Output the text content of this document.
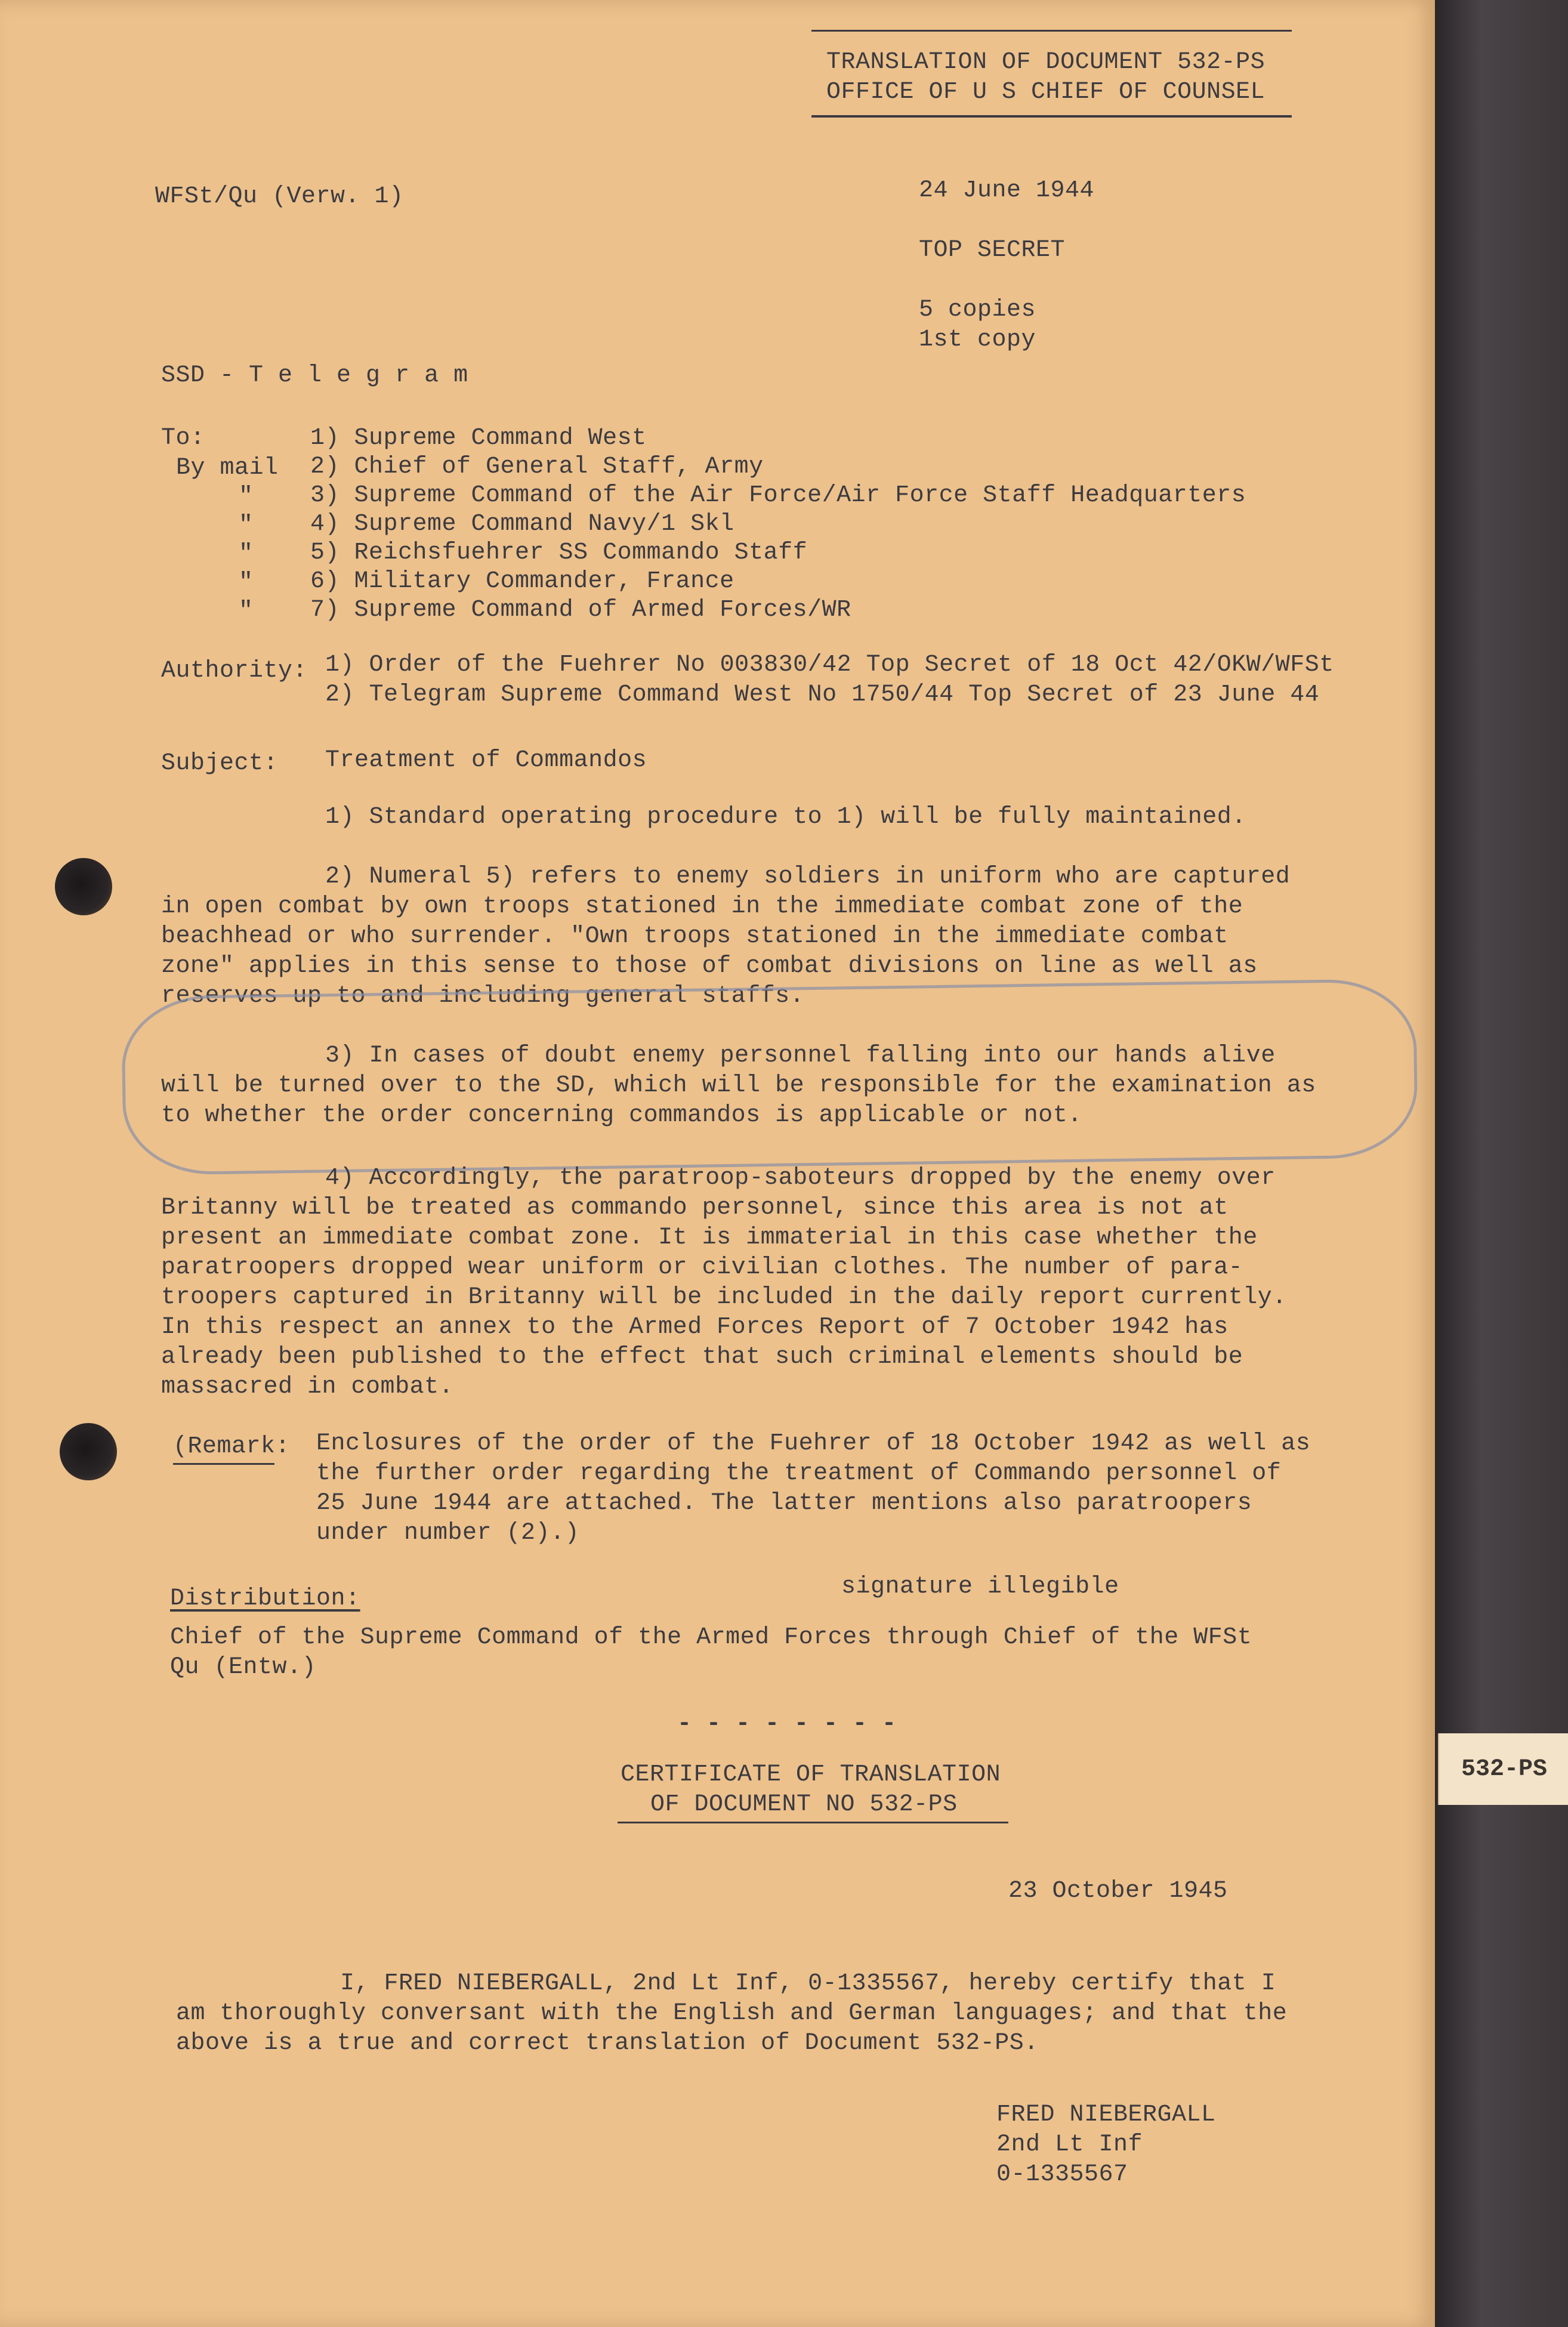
TRANSLATION OF DOCUMENT 532-PS
OFFICE OF U S CHIEF OF COUNSEL
WFSt/Qu (Verw. 1)	24 June 1944
TOP SECRET
5 copies
1st copy
SSD - T e l e g r a m
To:
By mail
"
"
"
"
"
1) Supreme Command West
2) Chief of General Staff, Army
3) Supreme Command of the Air Force/Air Force Staff Headquarters
4) Supreme Command Navy/1 Skl
5) Reichsfuehrer SS Commando Staff
6) Military Commander, France
7) Supreme Command of Armed Forces/WR
Authority: 1) Order of the Fuehrer No 003830/42 Top Secret of 18 Oct 42/OKW/WFSt
2) Telegram Supreme Command West No 1750/44 Top Secret of 23 June 44
Subject: Treatment of Commandos
1) Standard operating procedure to 1) will be fully maintained.
2) Numeral 5) refers to enemy soldiers in uniform who are captured
in open combat by own troops stationed in the immediate combat zone of the
beachhead or who surrender. "Own troops stationed in the immediate combat
zone" applies in this sense to those of combat divisions on line as well as
reserves up to and including general staffs.
3) In cases of doubt enemy personnel falling into our hands alive
will be turned over to the SD, which will be responsible for the examination as
to whether the order concerning commandos is applicable or not.
4) Accordingly, the paratroop-saboteurs dropped by the enemy over
Britanny will be treated as commando personnel, since this area is not at
present an immediate combat zone. It is immaterial in this case whether the
paratroopers dropped wear uniform or civilian clothes. The number of para-
troopers captured in Britanny will be included in the daily report currently.
In this respect an annex to the Armed Forces Report of 7 October 1942 has
already been published to the effect that such criminal elements should be
massacred in combat.
(Remark: Enclosures of the order of the Fuehrer of 18 October 1942 as well as
the further order regarding the treatment of Commando personnel of
25 June 1944 are attached. The latter mentions also paratroopers
under number (2).)
Distribution:	signature illegible
Chief of the Supreme Command of the Armed Forces through Chief of the WFSt
Qu (Entw.)
- - - - - - - -
CERTIFICATE OF TRANSLATION
OF DOCUMENT NO 532-PS
23 October 1945
I, FRED NIEBERGALL, 2nd Lt Inf, 0-1335567, hereby certify that I
am thoroughly conversant with the English and German languages; and that the
above is a true and correct translation of Document 532-PS.
FRED NIEBERGALL
2nd Lt Inf
0-1335567
532-PS
